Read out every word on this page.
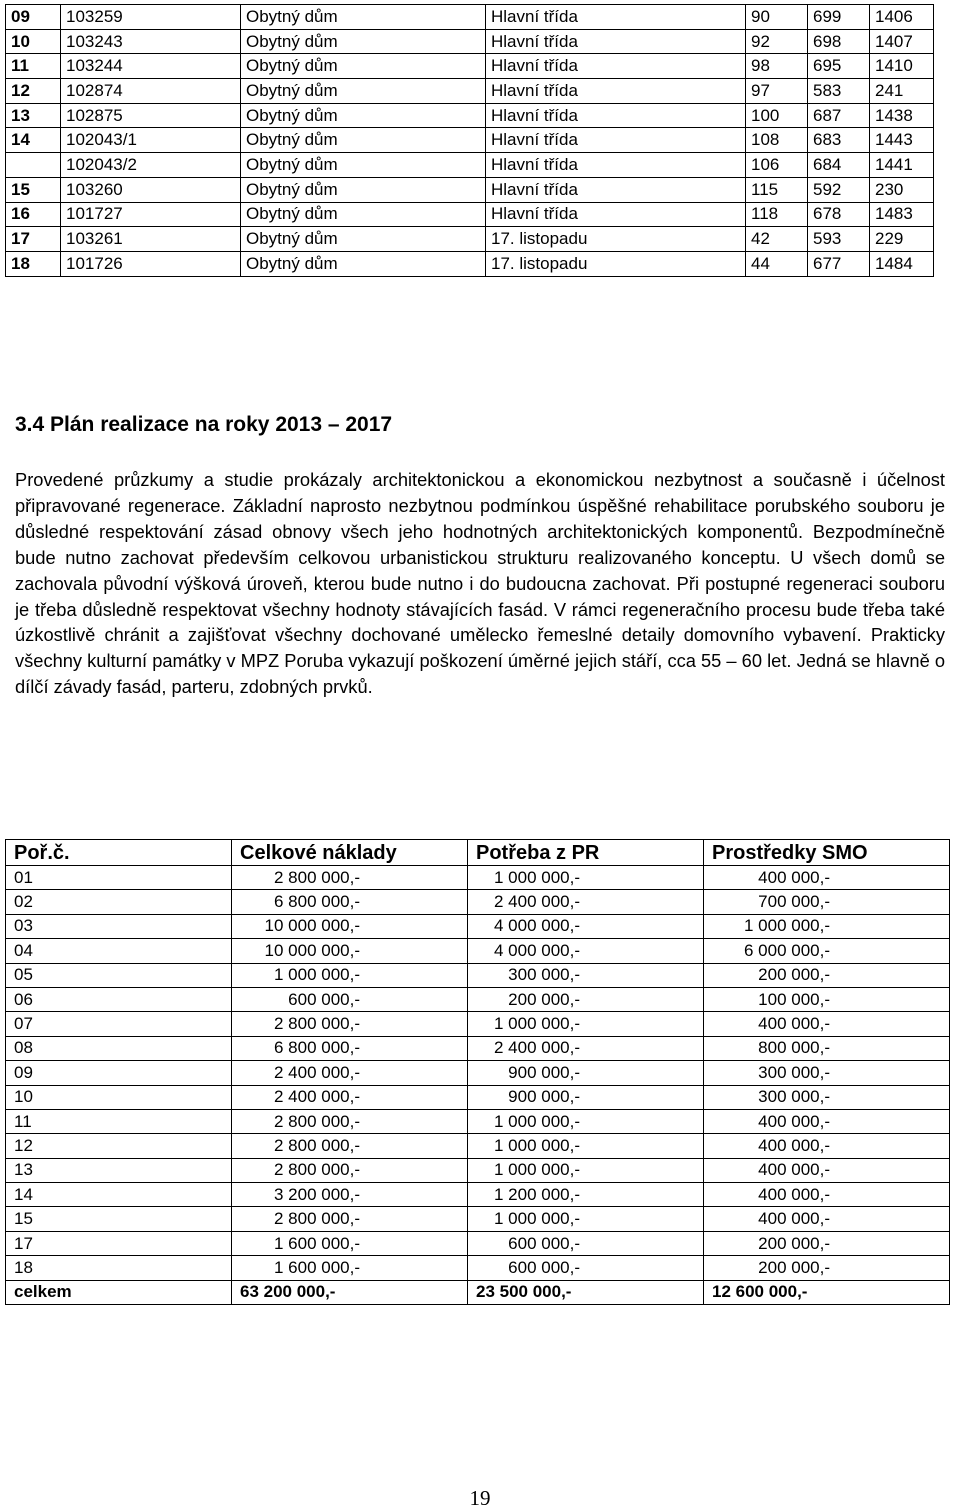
09	103259	Obytný dům	Hlavní třída	90	699	1406
10	103243	Obytný dům	Hlavní třída	92	698	1407
11	103244	Obytný dům	Hlavní třída	98	695	1410
12	102874	Obytný dům	Hlavní třída	97	583	241
13	102875	Obytný dům	Hlavní třída	100	687	1438
14	102043/1	Obytný dům	Hlavní třída	108	683	1443
	102043/2	Obytný dům	Hlavní třída	106	684	1441
15	103260	Obytný dům	Hlavní třída	115	592	230
16	101727	Obytný dům	Hlavní třída	118	678	1483
17	103261	Obytný dům	17. listopadu	42	593	229
18	101726	Obytný dům	17. listopadu	44	677	1484
3.4 Plán realizace na roky 2013 – 2017

Provedené průzkumy a studie prokázaly architektonickou a ekonomickou nezbytnost a současně i účelnost připravované regenerace. Základní naprosto nezbytnou podmínkou úspěšné rehabilitace porubského souboru je důsledné respektování zásad obnovy všech jeho hodnotných architektonických komponentů. Bezpodmínečně bude nutno zachovat především celkovou urbanistickou strukturu realizovaného konceptu. U všech domů se zachovala původní výšková úroveň, kterou bude nutno i do budoucna zachovat. Při postupné regeneraci souboru je třeba důsledně respektovat všechny hodnoty stávajících fasád. V rámci regeneračního procesu bude třeba také úzkostlivě chránit a zajišťovat všechny dochované umělecko řemeslné detaily domovního vybavení. Prakticky všechny kulturní památky v MPZ Poruba vykazují poškození úměrné jejich stáří, cca 55 – 60 let. Jedná se hlavně o dílčí závady fasád, parteru, zdobných prvků.

Poř.č.	Celkové náklady	Potřeba z PR	Prostředky SMO
01	2 800 000,-	1 000 000,-	400 000,-
02	6 800 000,-	2 400 000,-	700 000,-
03	10 000 000,-	4 000 000,-	1 000 000,-
04	10 000 000,-	4 000 000,-	6 000 000,-
05	1 000 000,-	300 000,-	200 000,-
06	600 000,-	200 000,-	100 000,-
07	2 800 000,-	1 000 000,-	400 000,-
08	6 800 000,-	2 400 000,-	800 000,-
09	2 400 000,-	900 000,-	300 000,-
10	2 400 000,-	900 000,-	300 000,-
11	2 800 000,-	1 000 000,-	400 000,-
12	2 800 000,-	1 000 000,-	400 000,-
13	2 800 000,-	1 000 000,-	400 000,-
14	3 200 000,-	1 200 000,-	400 000,-
15	2 800 000,-	1 000 000,-	400 000,-
17	1 600 000,-	600 000,-	200 000,-
18	1 600 000,-	600 000,-	200 000,-
celkem	63 200 000,-	23 500 000,-	12 600 000,-
19
